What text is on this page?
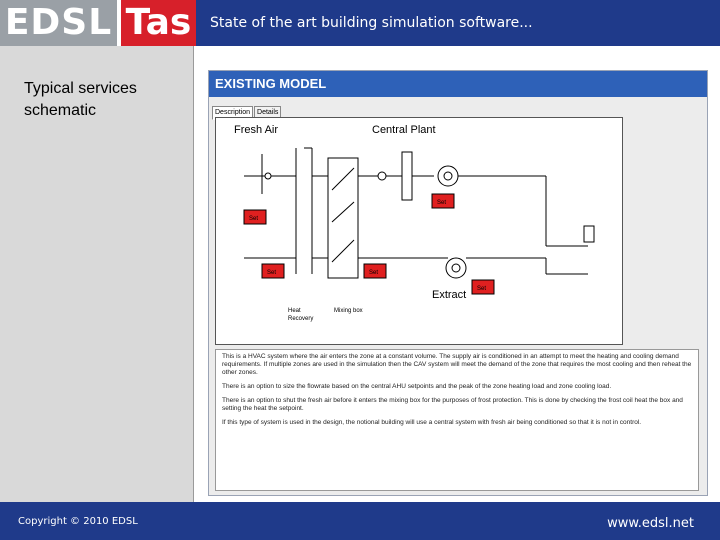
EDSL Tas	State of the art building simulation software...
Typical services schematic
EXISTING MODEL
Description Details
Fresh Air	Central Plant
Extract
Heat
Recovery
Mixing box
Set
Set	Set
Set
Set

This is a HVAC system where the air enters the zone at a constant volume. The supply air is conditioned in an attempt to meet the heating and cooling demand requirements. If multiple zones are used in the simulation then the CAV system will meet the demand of the zone that requires the most cooling and then reheat the other zones.

There is an option to size the flowrate based on the central AHU setpoints and the peak of the zone heating load and zone cooling load.

There is an option to shut the fresh air before it enters the mixing box for the purposes of frost protection. This is done by checking the frost coil heat the box and setting the heat the setpoint.

If this type of system is used in the design, the notional building will use a central system with fresh air being conditioned so that it is not in control.

Copyright © 2010 EDSL	www.edsl.net
